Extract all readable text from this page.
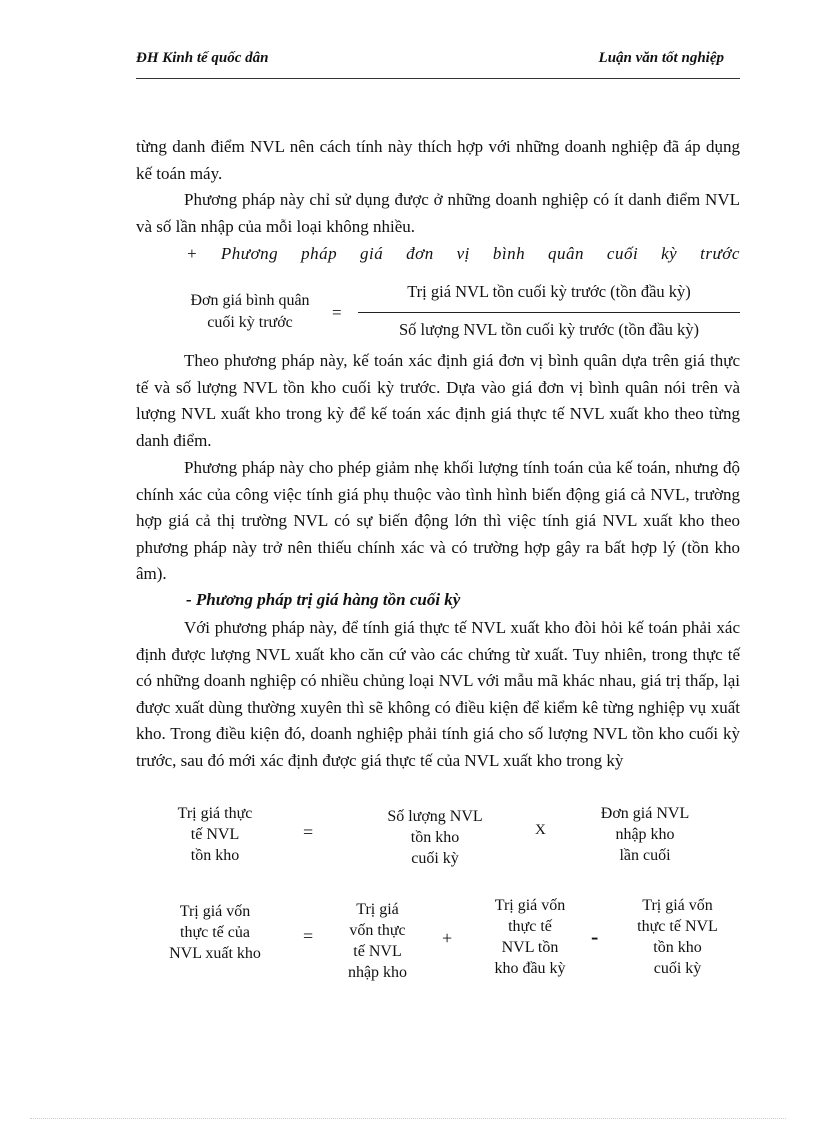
ĐH Kinh tế quốc dân	Luận văn tốt nghiệp

từng danh điểm NVL nên cách tính này thích hợp với những doanh nghiệp đã áp dụng kế toán máy.

Phương pháp này chỉ sử dụng được ở những doanh nghiệp có ít danh điểm NVL và số lần nhập của mỗi loại không nhiều.

+ Phương pháp giá đơn vị bình quân cuối kỳ trước
Đơn giá bình quân
cuối kỳ trước
=
Trị giá NVL tồn cuối kỳ trước (tồn đầu kỳ)
Số lượng NVL tồn cuối kỳ trước (tồn đầu kỳ)

Theo phương pháp này, kế toán xác định giá đơn vị bình quân dựa trên giá thực tế và số lượng NVL tồn kho cuối kỳ trước. Dựa vào giá đơn vị bình quân nói trên và lượng NVL xuất kho trong kỳ để kế toán xác định giá thực tế NVL xuất kho theo từng danh điểm.

Phương pháp này cho phép giảm nhẹ khối lượng tính toán của kế toán, nhưng độ chính xác của công việc tính giá phụ thuộc vào tình hình biến động giá cả NVL, trường hợp giá cả thị trường NVL có sự biến động lớn thì việc tính giá NVL xuất kho theo phương pháp này trở nên thiếu chính xác và có trường hợp gây ra bất hợp lý (tồn kho âm).

- Phương pháp trị giá hàng tồn cuối kỳ

Với phương pháp này, để tính giá thực tế NVL xuất kho đòi hỏi kế toán phải xác định được lượng NVL xuất kho căn cứ vào các chứng từ xuất. Tuy nhiên, trong thực tế có những doanh nghiệp có nhiều chủng loại NVL với mẫu mã khác nhau, giá trị thấp, lại được xuất dùng thường xuyên thì sẽ không có điều kiện để kiểm kê từng nghiệp vụ xuất kho. Trong điều kiện đó, doanh nghiệp phải tính giá cho số lượng NVL tồn kho cuối kỳ trước, sau đó mới xác định được giá thực tế của NVL xuất kho trong kỳ

Trị giá thực
tế NVL
tồn kho
=
Số lượng NVL
tồn kho
cuối kỳ
X
Đơn giá NVL
nhập kho
lần cuối
Trị giá vốn
thực tế của
NVL xuất kho
=
Trị giá
vốn thực
tế NVL
nhập kho
+
Trị giá vốn
thực tế
NVL tồn
kho đầu kỳ
-
Trị giá vốn
thực tế NVL
tồn kho
cuối kỳ
